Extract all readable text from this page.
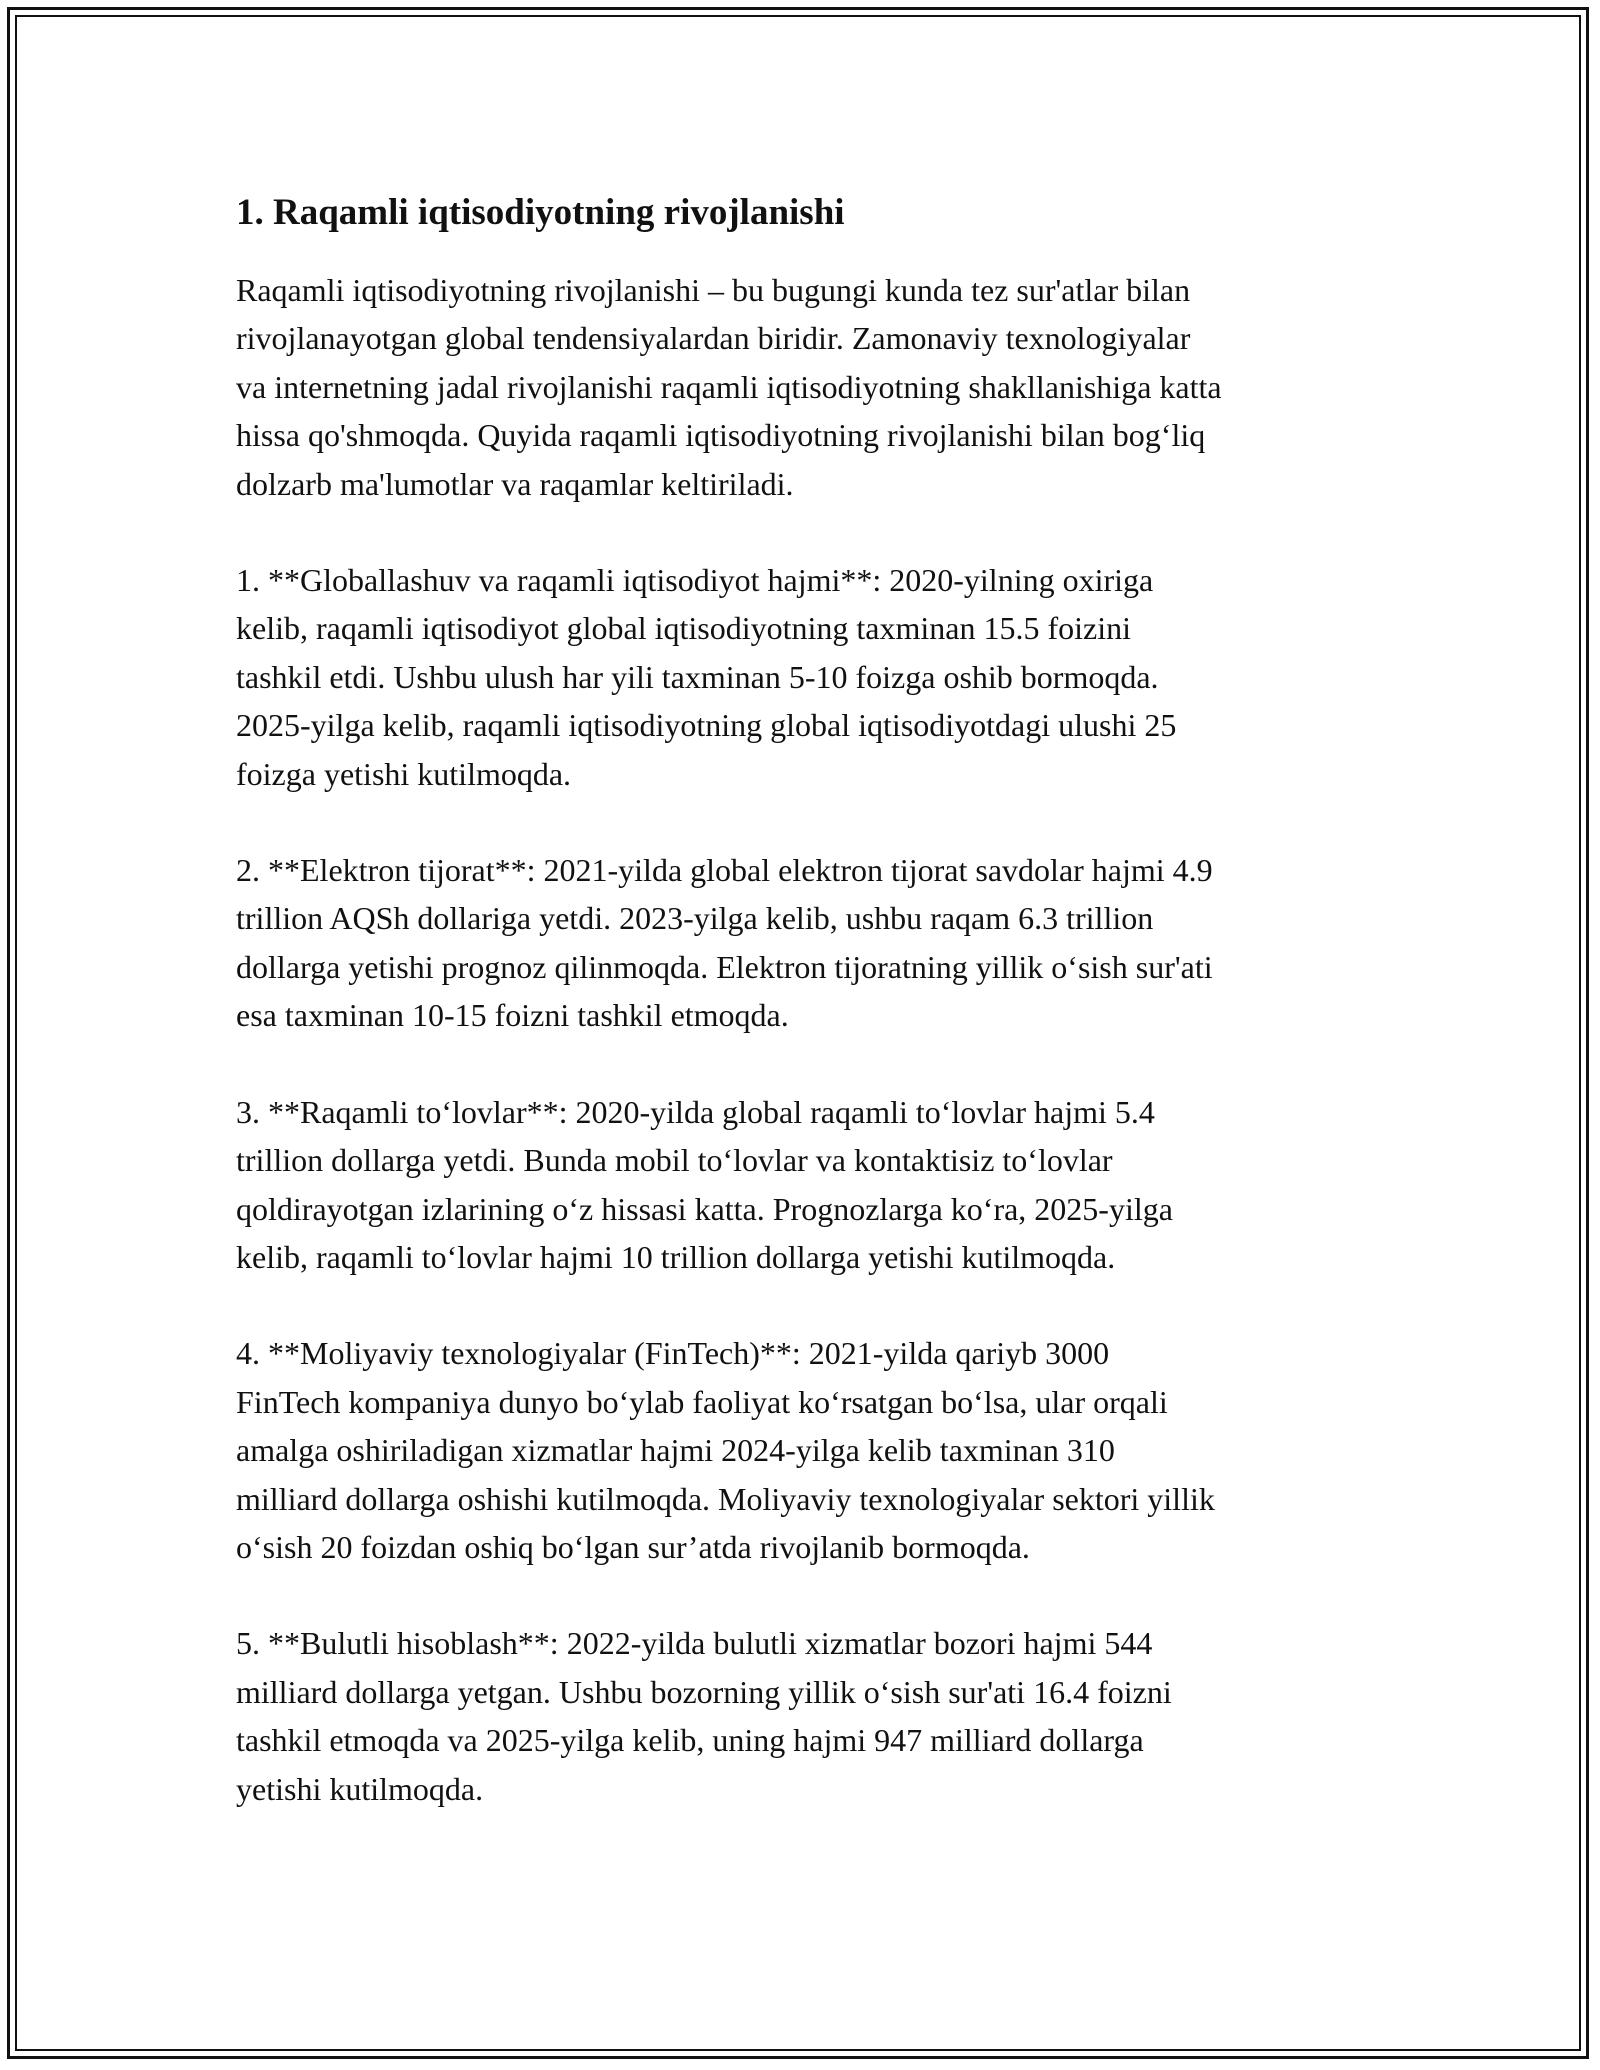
1. Raqamli iqtisodiyotning rivojlanishi

Raqamli iqtisodiyotning rivojlanishi – bu bugungi kunda tez sur'atlar bilan
rivojlanayotgan global tendensiyalardan biridir. Zamonaviy texnologiyalar
va internetning jadal rivojlanishi raqamli iqtisodiyotning shakllanishiga katta
hissa qo'shmoqda. Quyida raqamli iqtisodiyotning rivojlanishi bilan bog‘liq
dolzarb ma'lumotlar va raqamlar keltiriladi.

1. **Globallashuv va raqamli iqtisodiyot hajmi**: 2020-yilning oxiriga
kelib, raqamli iqtisodiyot global iqtisodiyotning taxminan 15.5 foizini
tashkil etdi. Ushbu ulush har yili taxminan 5-10 foizga oshib bormoqda.
2025-yilga kelib, raqamli iqtisodiyotning global iqtisodiyotdagi ulushi 25
foizga yetishi kutilmoqda.

2. **Elektron tijorat**: 2021-yilda global elektron tijorat savdolar hajmi 4.9
trillion AQSh dollariga yetdi. 2023-yilga kelib, ushbu raqam 6.3 trillion
dollarga yetishi prognoz qilinmoqda. Elektron tijoratning yillik o‘sish sur'ati
esa taxminan 10-15 foizni tashkil etmoqda.

3. **Raqamli to‘lovlar**: 2020-yilda global raqamli to‘lovlar hajmi 5.4
trillion dollarga yetdi. Bunda mobil to‘lovlar va kontaktisiz to‘lovlar
qoldirayotgan izlarining o‘z hissasi katta. Prognozlarga ko‘ra, 2025-yilga
kelib, raqamli to‘lovlar hajmi 10 trillion dollarga yetishi kutilmoqda.

4. **Moliyaviy texnologiyalar (FinTech)**: 2021-yilda qariyb 3000
FinTech kompaniya dunyo bo‘ylab faoliyat ko‘rsatgan bo‘lsa, ular orqali
amalga oshiriladigan xizmatlar hajmi 2024-yilga kelib taxminan 310
milliard dollarga oshishi kutilmoqda. Moliyaviy texnologiyalar sektori yillik
o‘sish 20 foizdan oshiq bo‘lgan sur’atda rivojlanib bormoqda.

5. **Bulutli hisoblash**: 2022-yilda bulutli xizmatlar bozori hajmi 544
milliard dollarga yetgan. Ushbu bozorning yillik o‘sish sur'ati 16.4 foizni
tashkil etmoqda va 2025-yilga kelib, uning hajmi 947 milliard dollarga
yetishi kutilmoqda.
